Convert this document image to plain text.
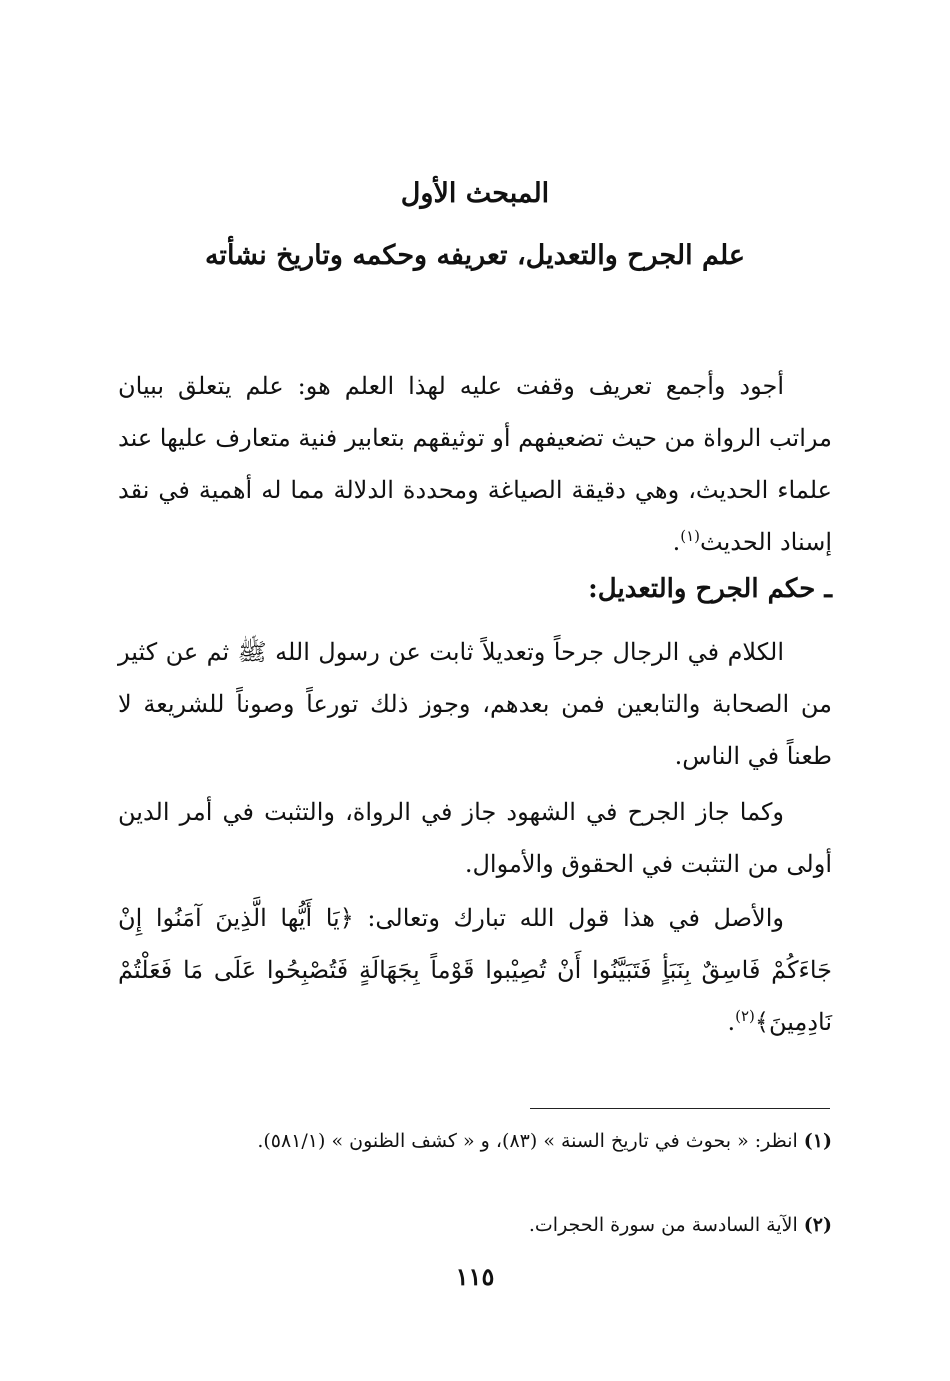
المبحث الأول
علم الجرح والتعديل، تعريفه وحكمه وتاريخ نشأته

أجود وأجمع تعريف وقفت عليه لهذا العلم هو: علم يتعلق ببيان مراتب الرواة من حيث تضعيفهم أو توثيقهم بتعابير فنية متعارف عليها عند علماء الحديث، وهي دقيقة الصياغة ومحددة الدلالة مما له أهمية في نقد إسناد الحديث$^{(١)}$.

ـ حكم الجرح والتعديل:

الكلام في الرجال جرحاً وتعديلاً ثابت عن رسول الله ﷺ ثم عن كثير من الصحابة والتابعين فمن بعدهم، وجوز ذلك تورعاً وصوناً للشريعة لا طعناً في الناس.

وكما جاز الجرح في الشهود جاز في الرواة، والتثبت في أمر الدين أولى من التثبت في الحقوق والأموال.

والأصل في هذا قول الله تبارك وتعالى: ﴿يَا أَيُّها الَّذِينَ آمَنُوا إِنْ جَاءَكُمْ فَاسِقٌ بِنَبَأٍ فَتَبَيَّنُوا أَنْ تُصِيْبوا قَوْماً بِجَهَالَةٍ فَتُصْبِحُوا عَلَى مَا فَعَلْتُمْ نَادِمِينَ﴾$^{(٢)}$.

(١)انظر: « بحوث في تاريخ السنة » (٨٣)، و « كشف الظنون » (٥٨١/١).

(٢)الآية السادسة من سورة الحجرات.

١١٥
